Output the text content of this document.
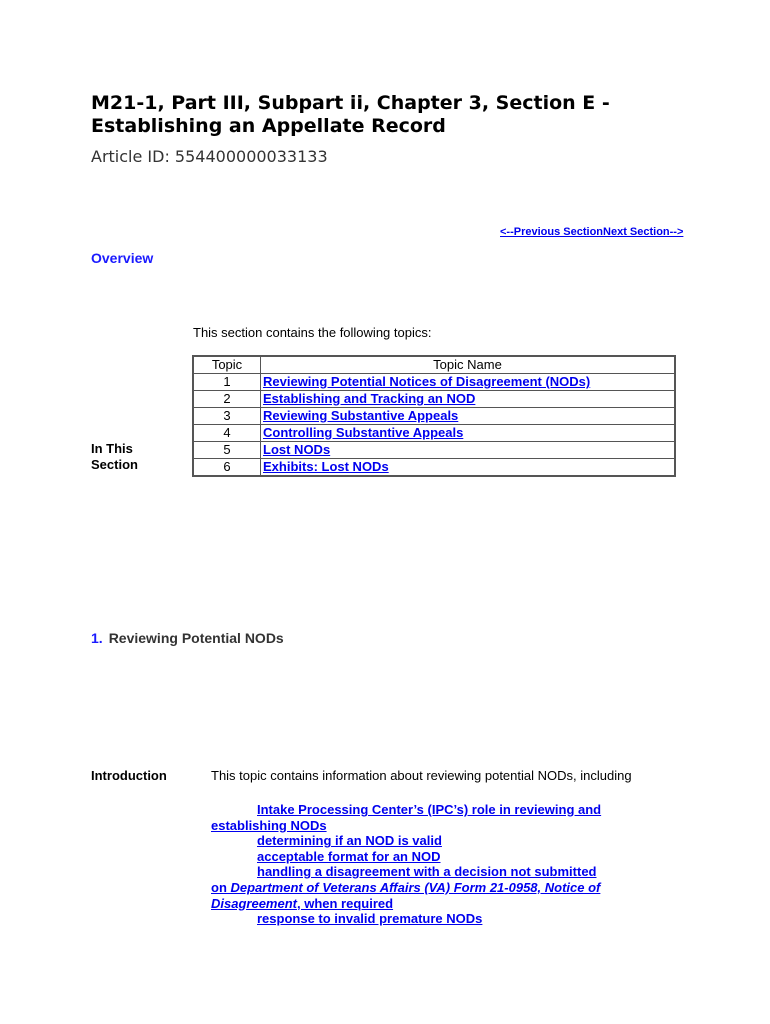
M21-1, Part III, Subpart ii, Chapter 3, Section E - Establishing an Appellate Record
Article ID: 554400000033133
<--Previous SectionNext Section-->
Overview
This section contains the following topics:
In This
Section
Topic	Topic Name
1	Reviewing Potential Notices of Disagreement (NODs)
2	Establishing and Tracking an NOD
3	Reviewing Substantive Appeals
4	Controlling Substantive Appeals
5	Lost NODs
6	Exhibits: Lost NODs
1. Reviewing Potential NODs
Introduction	This topic contains information about reviewing potential NODs, including
Intake Processing Center’s (IPC’s) role in reviewing and
establishing NODs
determining if an NOD is valid
acceptable format for an NOD
handling a disagreement with a decision not submitted
on Department of Veterans Affairs (VA) Form 21-0958, Notice of Disagreement, when required
response to invalid premature NODs
